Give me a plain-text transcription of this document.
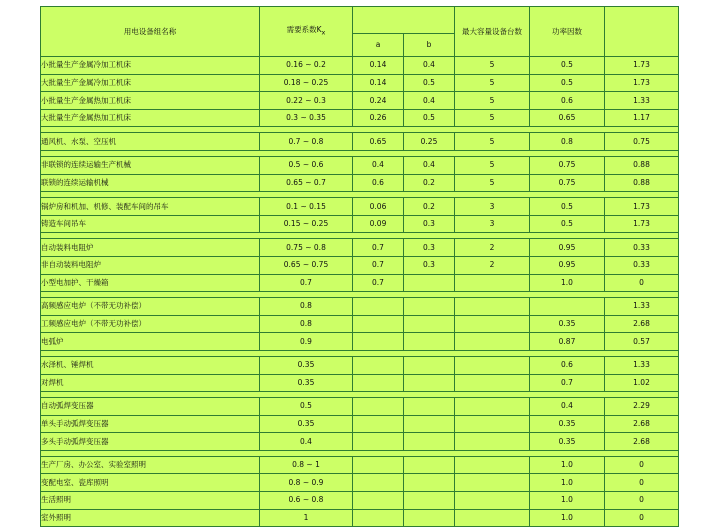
用电设备组名称	需要系数Kx			最大容量设备台数	功率因数	
		a	b			
小批量生产金属冷加工机床	0.16 ~ 0.2	0.14	0.4	5	0.5	1.73
大批量生产金属冷加工机床	0.18 ~ 0.25	0.14	0.5	5	0.5	1.73
小批量生产金属热加工机床	0.22 ~ 0.3	0.24	0.4	5	0.6	1.33
大批量生产金属热加工机床	0.3 ~ 0.35	0.26	0.5	5	0.65	1.17

通风机、水泵、空压机	0.7 ~ 0.8	0.65	0.25	5	0.8	0.75

非联锁的连续运输生产机械	0.5 ~ 0.6	0.4	0.4	5	0.75	0.88
联锁的连续运输机械	0.65 ~ 0.7	0.6	0.2	5	0.75	0.88

锅炉房和机加、机修、装配车间的吊车	0.1 ~ 0.15	0.06	0.2	3	0.5	1.73
铸造车间吊车	0.15 ~ 0.25	0.09	0.3	3	0.5	1.73

自动装料电阻炉	0.75 ~ 0.8	0.7	0.3	2	0.95	0.33
非自动装料电阻炉	0.65 ~ 0.75	0.7	0.3	2	0.95	0.33
小型电加护、干燥箱	0.7	0.7			1.0	0

高频感应电炉（不带无功补偿）	0.8					1.33
工频感应电炉（不带无功补偿）	0.8				0.35	2.68
电弧炉	0.9				0.87	0.57

水泽机、锤焊机	0.35				0.6	1.33
对焊机	0.35				0.7	1.02

自动弧焊变压器	0.5				0.4	2.29
单头手动弧焊变压器	0.35				0.35	2.68
多头手动弧焊变压器	0.4				0.35	2.68

生产厂房、办公室、实验室照明	0.8 ~ 1				1.0	0
变配电室、瓷库照明	0.8 ~ 0.9				1.0	0
生活照明	0.6 ~ 0.8				1.0	0
室外照明	1				1.0	0
